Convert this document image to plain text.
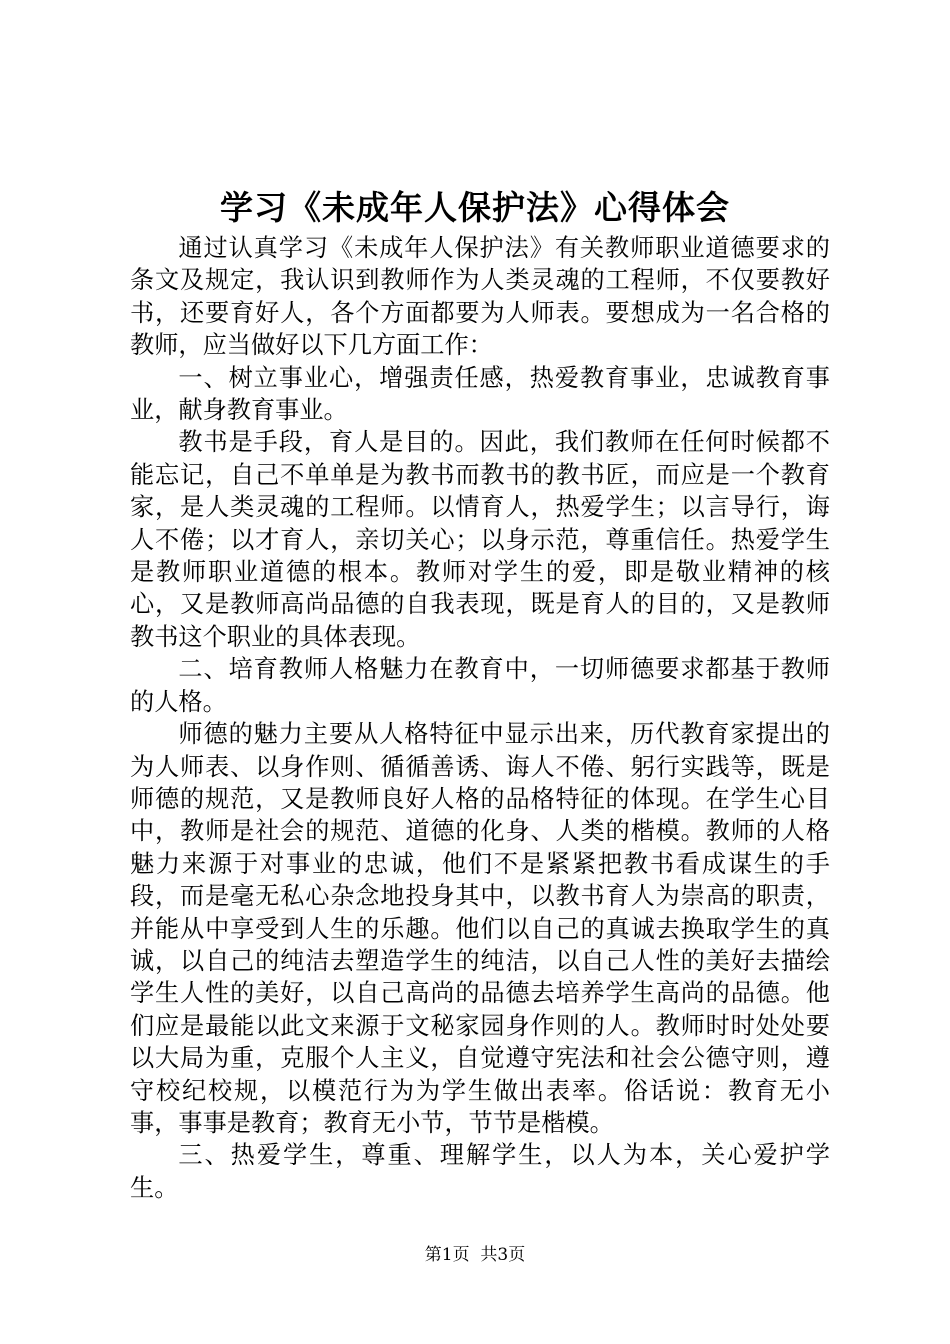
学习《未成年人保护法》心得体会

通过认真学习《未成年人保护法》有关教师职业道德要求的条文及规定，我认识到教师作为人类灵魂的工程师，不仅要教好书，还要育好人，各个方面都要为人师表。要想成为一名合格的教师，应当做好以下几方面工作：

一、树立事业心，增强责任感，热爱教育事业，忠诚教育事业，献身教育事业。

教书是手段，育人是目的。因此，我们教师在任何时候都不能忘记，自己不单单是为教书而教书的教书匠，而应是一个教育家，是人类灵魂的工程师。以情育人，热爱学生；以言导行，诲人不倦；以才育人，亲切关心；以身示范，尊重信任。热爱学生是教师职业道德的根本。教师对学生的爱，即是敬业精神的核心，又是教师高尚品德的自我表现，既是育人的目的，又是教师教书这个职业的具体表现。

二、培育教师人格魅力在教育中，一切师德要求都基于教师的人格。

师德的魅力主要从人格特征中显示出来，历代教育家提出的为人师表、以身作则、循循善诱、诲人不倦、躬行实践等，既是师德的规范，又是教师良好人格的品格特征的体现。在学生心目中，教师是社会的规范、道德的化身、人类的楷模。教师的人格魅力来源于对事业的忠诚，他们不是紧紧把教书看成谋生的手段，而是毫无私心杂念地投身其中，以教书育人为崇高的职责，并能从中享受到人生的乐趣。他们以自己的真诚去换取学生的真诚，以自己的纯洁去塑造学生的纯洁，以自己人性的美好去描绘学生人性的美好，以自己高尚的品德去培养学生高尚的品德。他们应是最能以此文来源于文秘家园身作则的人。教师时时处处要以大局为重，克服个人主义，自觉遵守宪法和社会公德守则，遵守校纪校规，以模范行为为学生做出表率。俗话说：教育无小事，事事是教育；教育无小节，节节是楷模。

三、热爱学生，尊重、理解学生，以人为本，关心爱护学生。

第1页 共3页
